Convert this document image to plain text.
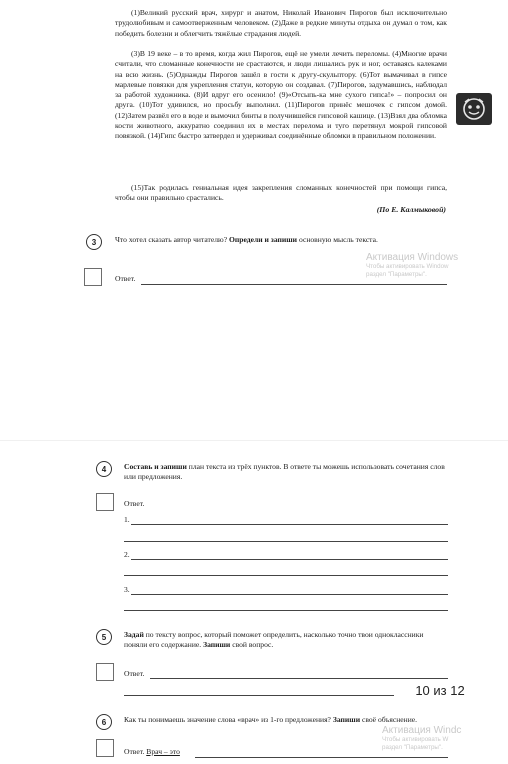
(1)Великий русский врач, хирург и анатом, Николай Иванович Пирогов был исключительно трудолюбивым и самоотверженным человеком. (2)Даже в редкие минуты отдыха он думал о том, как победить болезни и облегчить тяжёлые страдания людей.

(3)В 19 веке – в то время, когда жил Пирогов, ещё не умели лечить переломы. (4)Многие врачи считали, что сломанные конечности не срастаются, и люди лишались рук и ног, оставаясь калеками на всю жизнь. (5)Однажды Пирогов зашёл в гости к другу-скульптору. (6)Тот вымачивал в гипсе марлевые повязки для укрепления статуи, которую он создавал. (7)Пирогов, задумавшись, наблюдал за работой художника. (8)И вдруг его осенило! (9)«Отсыпь-ка мне сухого гипса!» – попросил он друга. (10)Тот удивился, но просьбу выполнил. (11)Пирогов принёс мешочек с гипсом домой. (12)Затем развёл его в воде и вымочил бинты в получившейся гипсовой кашице. (13)Взял два обломка кости животного, аккуратно соединил их в местах перелома и туго перетянул мокрой гипсовой повязкой. (14)Гипс быстро затвердел и удерживал соединённые обломки в правильном положении.

(15)Так родилась гениальная идея закрепления сломанных конечностей при помощи гипса, чтобы они правильно срастались.

(По Е. Калмыковой)
3	Что хотел сказать автор читателю? Определи и запиши основную мысль текста.

Ответ.
Активация Windows
Чтобы активировать Window
раздел "Параметры".
4	Составь и запиши план текста из трёх пунктов. В ответе ты можешь использовать сочетания слов или предложения.

Ответ.
1.
2.
3.
5	Задай по тексту вопрос, который поможет определить, насколько точно твои одноклассники поняли его содержание. Запиши свой вопрос.

Ответ.
6	Как ты понимаешь значение слова «врач» из 1-го предложения? Запиши своё объяснение.

Ответ. Врач – это
Активация Windc
Чтобы активировать W
раздел "Параметры".
10 из 12
